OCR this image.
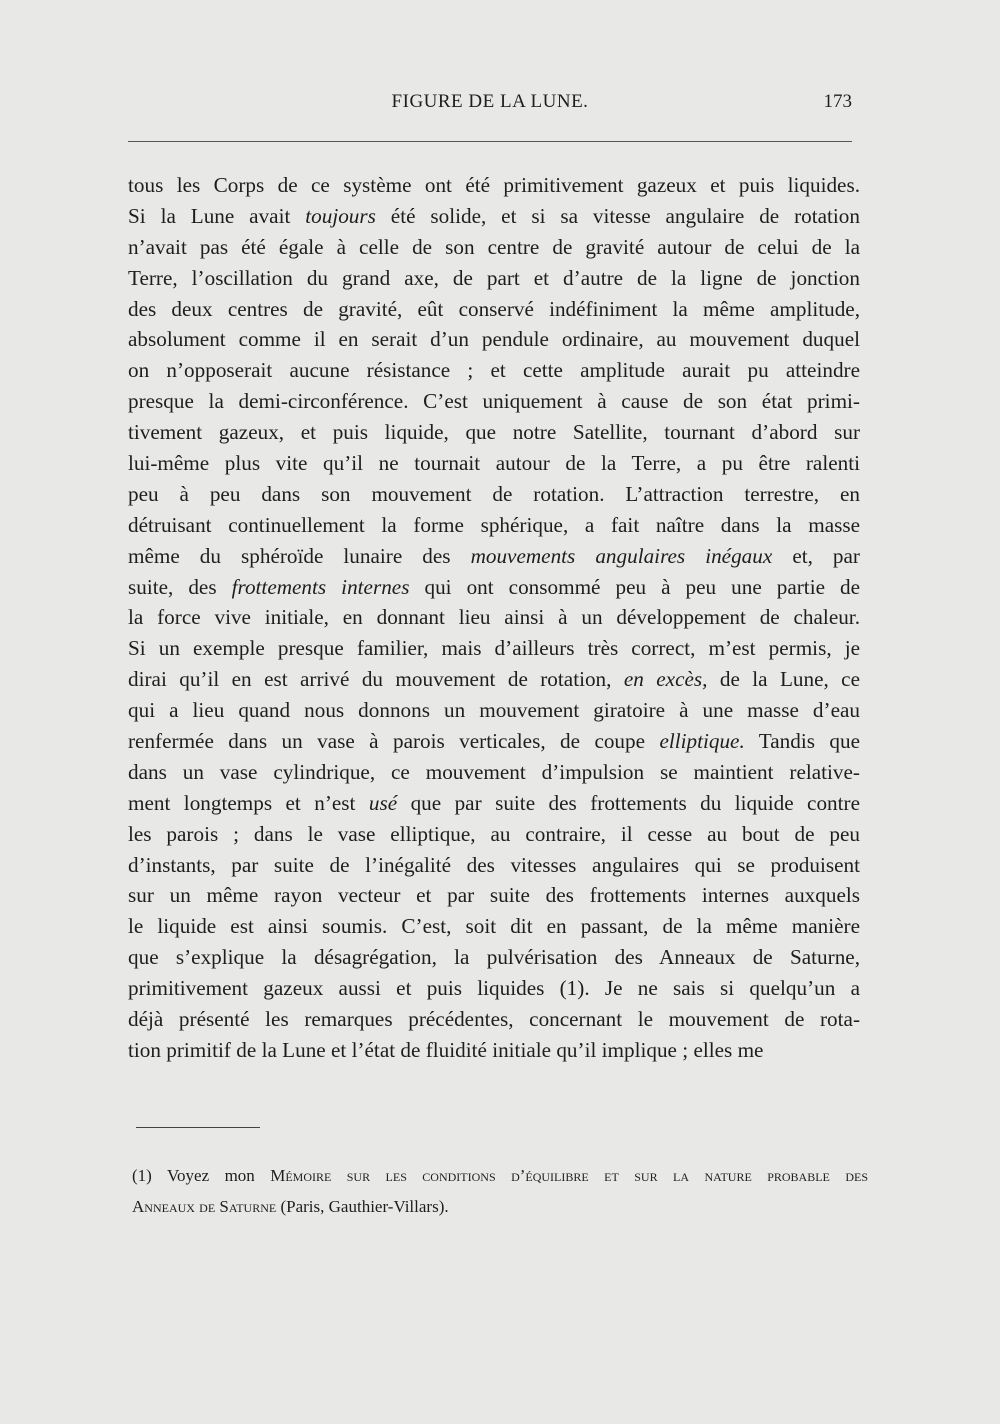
FIGURE DE LA LUNE.	173
tous les Corps de ce système ont été primitivement gazeux et puis liquides.
Si la Lune avait toujours été solide, et si sa vitesse angulaire de rotation
n’avait pas été égale à celle de son centre de gravité autour de celui de la
Terre, l’oscillation du grand axe, de part et d’autre de la ligne de jonction
des deux centres de gravité, eût conservé indéfiniment la même amplitude,
absolument comme il en serait d’un pendule ordinaire, au mouvement duquel
on n’opposerait aucune résistance ; et cette amplitude aurait pu atteindre
presque la demi-circonférence. C’est uniquement à cause de son état primi-
tivement gazeux, et puis liquide, que notre Satellite, tournant d’abord sur
lui-même plus vite qu’il ne tournait autour de la Terre, a pu être ralenti
peu à peu dans son mouvement de rotation. L’attraction terrestre, en
détruisant continuellement la forme sphérique, a fait naître dans la masse
même du sphéroïde lunaire des mouvements angulaires inégaux et, par
suite, des frottements internes qui ont consommé peu à peu une partie de
la force vive initiale, en donnant lieu ainsi à un développement de chaleur.
Si un exemple presque familier, mais d’ailleurs très correct, m’est permis, je
dirai qu’il en est arrivé du mouvement de rotation, en excès, de la Lune, ce
qui a lieu quand nous donnons un mouvement giratoire à une masse d’eau
renfermée dans un vase à parois verticales, de coupe elliptique. Tandis que
dans un vase cylindrique, ce mouvement d’impulsion se maintient relative-
ment longtemps et n’est usé que par suite des frottements du liquide contre
les parois ; dans le vase elliptique, au contraire, il cesse au bout de peu
d’instants, par suite de l’inégalité des vitesses angulaires qui se produisent
sur un même rayon vecteur et par suite des frottements internes auxquels
le liquide est ainsi soumis. C’est, soit dit en passant, de la même manière
que s’explique la désagrégation, la pulvérisation des Anneaux de Saturne,
primitivement gazeux aussi et puis liquides (1). Je ne sais si quelqu’un a
déjà présenté les remarques précédentes, concernant le mouvement de rota-
tion primitif de la Lune et l’état de fluidité initiale qu’il implique ; elles me
(1) Voyez mon Mémoire sur les conditions d’équilibre et sur la nature probable des
Anneaux de Saturne (Paris, Gauthier-Villars).
